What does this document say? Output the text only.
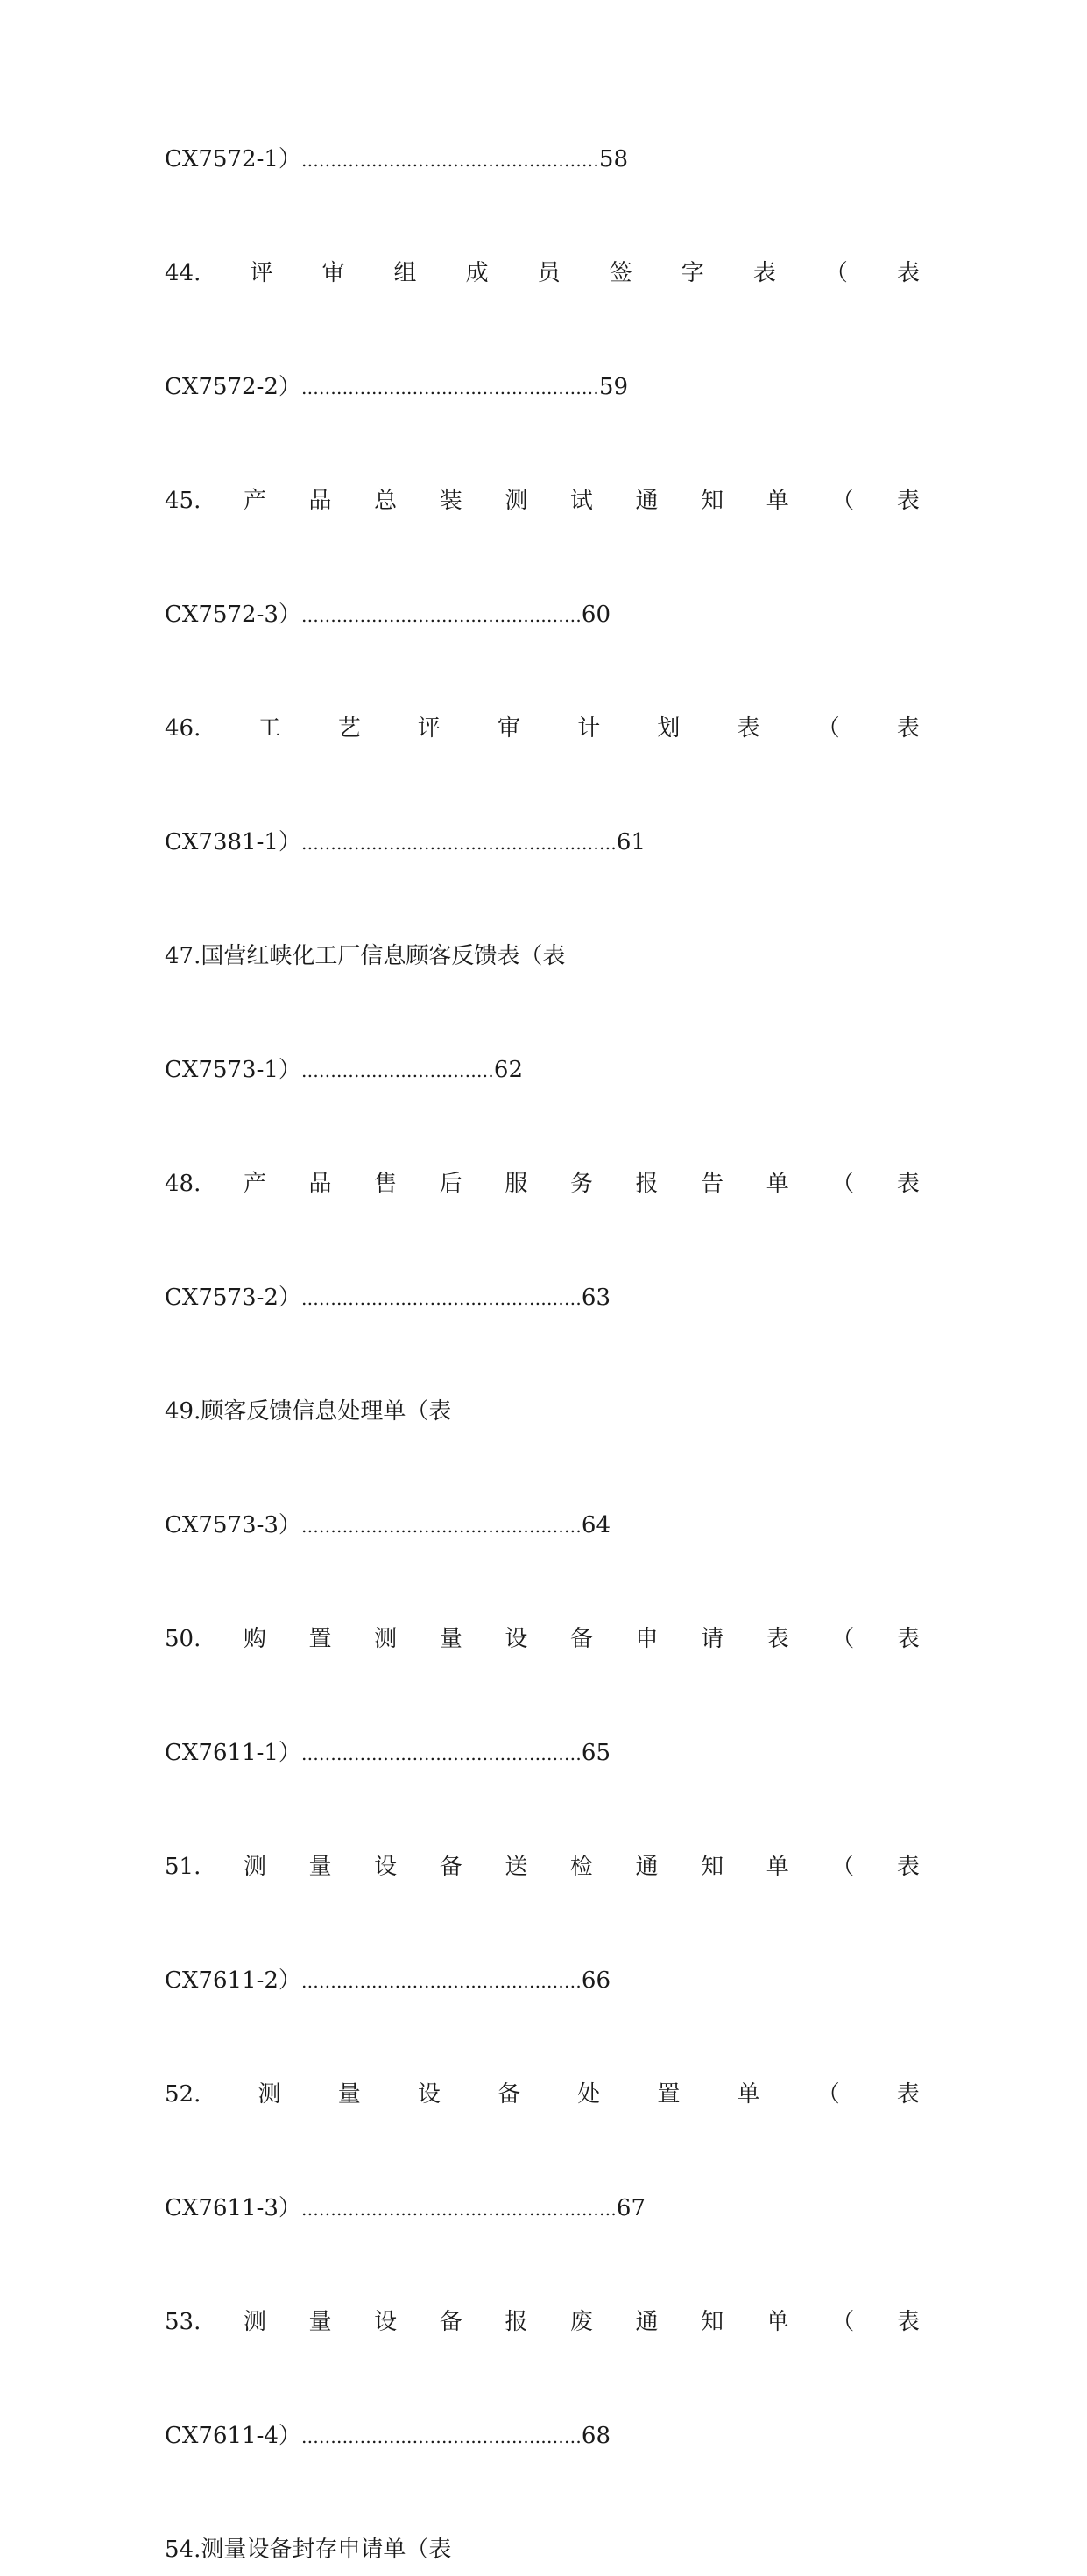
CX7572-1） …………………………………………… 58
44. 评 审 组 成 员 签 字 表 （ 表
CX7572-2） …………………………………………… 59
45. 产 品 总 装 测 试 通 知 单 （ 表
CX7572-3） ………………………………………… 60
46.	工	艺	评	审	计	划	表	（	表
CX7381-1） ……………………………………………… 61
47.国营红峡化工厂信息顾客反馈表（表
CX7573-1） …………………………… 62
48. 产 品 售 后 服 务 报 告 单 （ 表
CX7573-2） ………………………………………… 63
49.顾客反馈信息处理单（表
CX7573-3） ………………………………………… 64
50. 购 置 测 量 设 备 申 请 表 （ 表
CX7611-1） ………………………………………… 65
51. 测 量 设 备 送 检 通 知 单 （ 表
CX7611-2） ………………………………………… 66
52.	测	量	设	备	处	置	单	（	表
CX7611-3） ……………………………………………… 67
53. 测 量 设 备 报 废 通 知 单 （ 表
CX7611-4） ………………………………………… 68
54.测量设备封存申请单（表
